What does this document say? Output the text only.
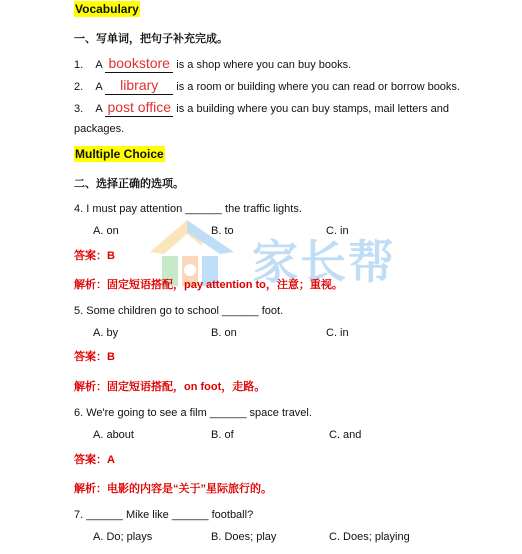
家长帮
Vocabulary
一、写单词，把句子补充完成。
1. A bookstore is a shop where you can buy books.
2. A library is a room or building where you can read or borrow books.
3. A post office is a building where you can buy stamps, mail letters and
packages.
Multiple Choice
二、选择正确的选项。
4. I must pay attention ______ the traffic lights.
A. on	B. to	C. in
答案：B
解析：固定短语搭配，pay attention to，注意；重视。
5. Some children go to school ______ foot.
A. by	B. on	C. in
答案：B
解析：固定短语搭配，on foot，走路。
6. We're going to see a film ______ space travel.
A. about	B. of	C. and
答案：A
解析：电影的内容是“关于”星际旅行的。
7. ______ Mike like ______ football?
A. Do; plays	B. Does; play	C. Does; playing
